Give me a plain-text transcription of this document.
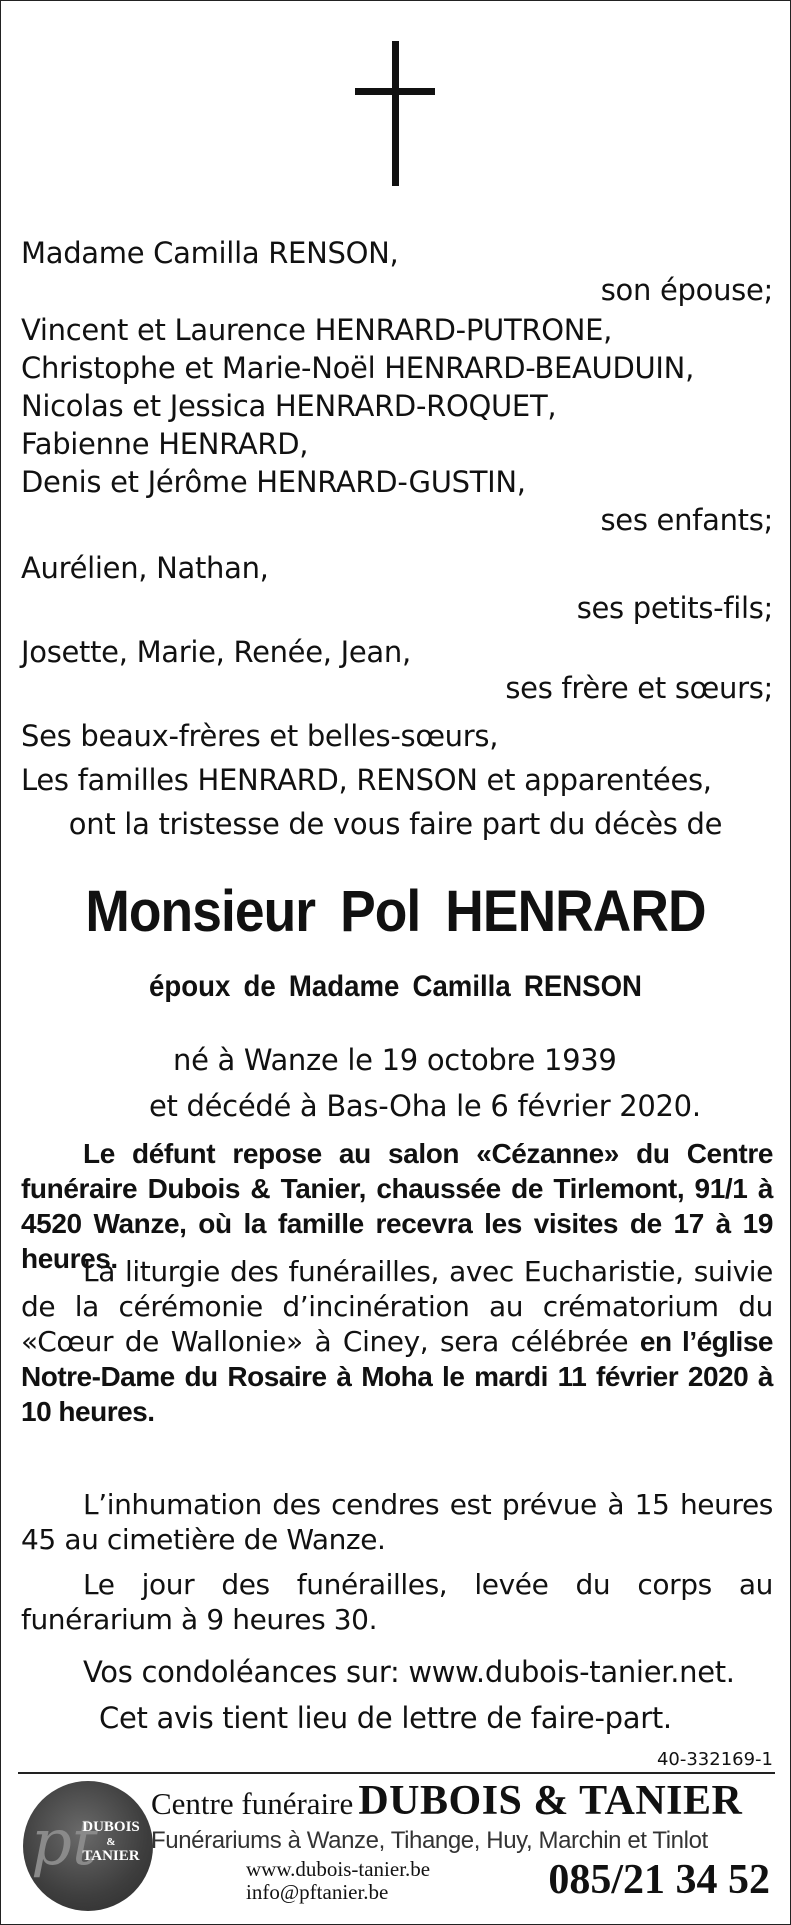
Madame Camilla RENSON,
son épouse;
Vincent et Laurence HENRARD-PUTRONE,
Christophe et Marie-Noël HENRARD-BEAUDUIN,
Nicolas et Jessica HENRARD-ROQUET,
Fabienne HENRARD,
Denis et Jérôme HENRARD-GUSTIN,
ses enfants;
Aurélien, Nathan,
ses petits-fils;
Josette, Marie, Renée, Jean,
ses frère et sœurs;
Ses beaux-frères et belles-sœurs,
Les familles HENRARD, RENSON et apparentées,
ont la tristesse de vous faire part du décès de
Monsieur Pol HENRARD
époux de Madame Camilla RENSON
né à Wanze le 19 octobre 1939
et décédé à Bas-Oha le 6 février 2020.

Le défunt repose au salon «Cézanne» du Centre funéraire Dubois & Tanier, chaussée de Tirlemont, 91/1 à 4520 Wanze, où la famille recevra les visites de 17 à 19 heures.

La liturgie des funérailles, avec Eucharistie, suivie de la cérémonie d’incinération au crématorium du «Cœur de Wallonie» à Ciney, sera célébrée en l’église Notre-Dame du Rosaire à Moha le mardi 11 février 2020 à 10 heures.

L’inhumation des cendres est prévue à 15 heures 45 au cimetière de Wanze.

Le jour des funérailles, levée du corps au funérarium à 9 heures 30.

Vos condoléances sur: www.dubois-tanier.net.
Cet avis tient lieu de lettre de faire-part.
40-332169-1
pt
DUBOIS
&
TANIER
Centre funéraire DUBOIS & TANIER
Funérariums à Wanze, Tihange, Huy, Marchin et Tinlot
www.dubois-tanier.be
info@pftanier.be	085/21 34 52
